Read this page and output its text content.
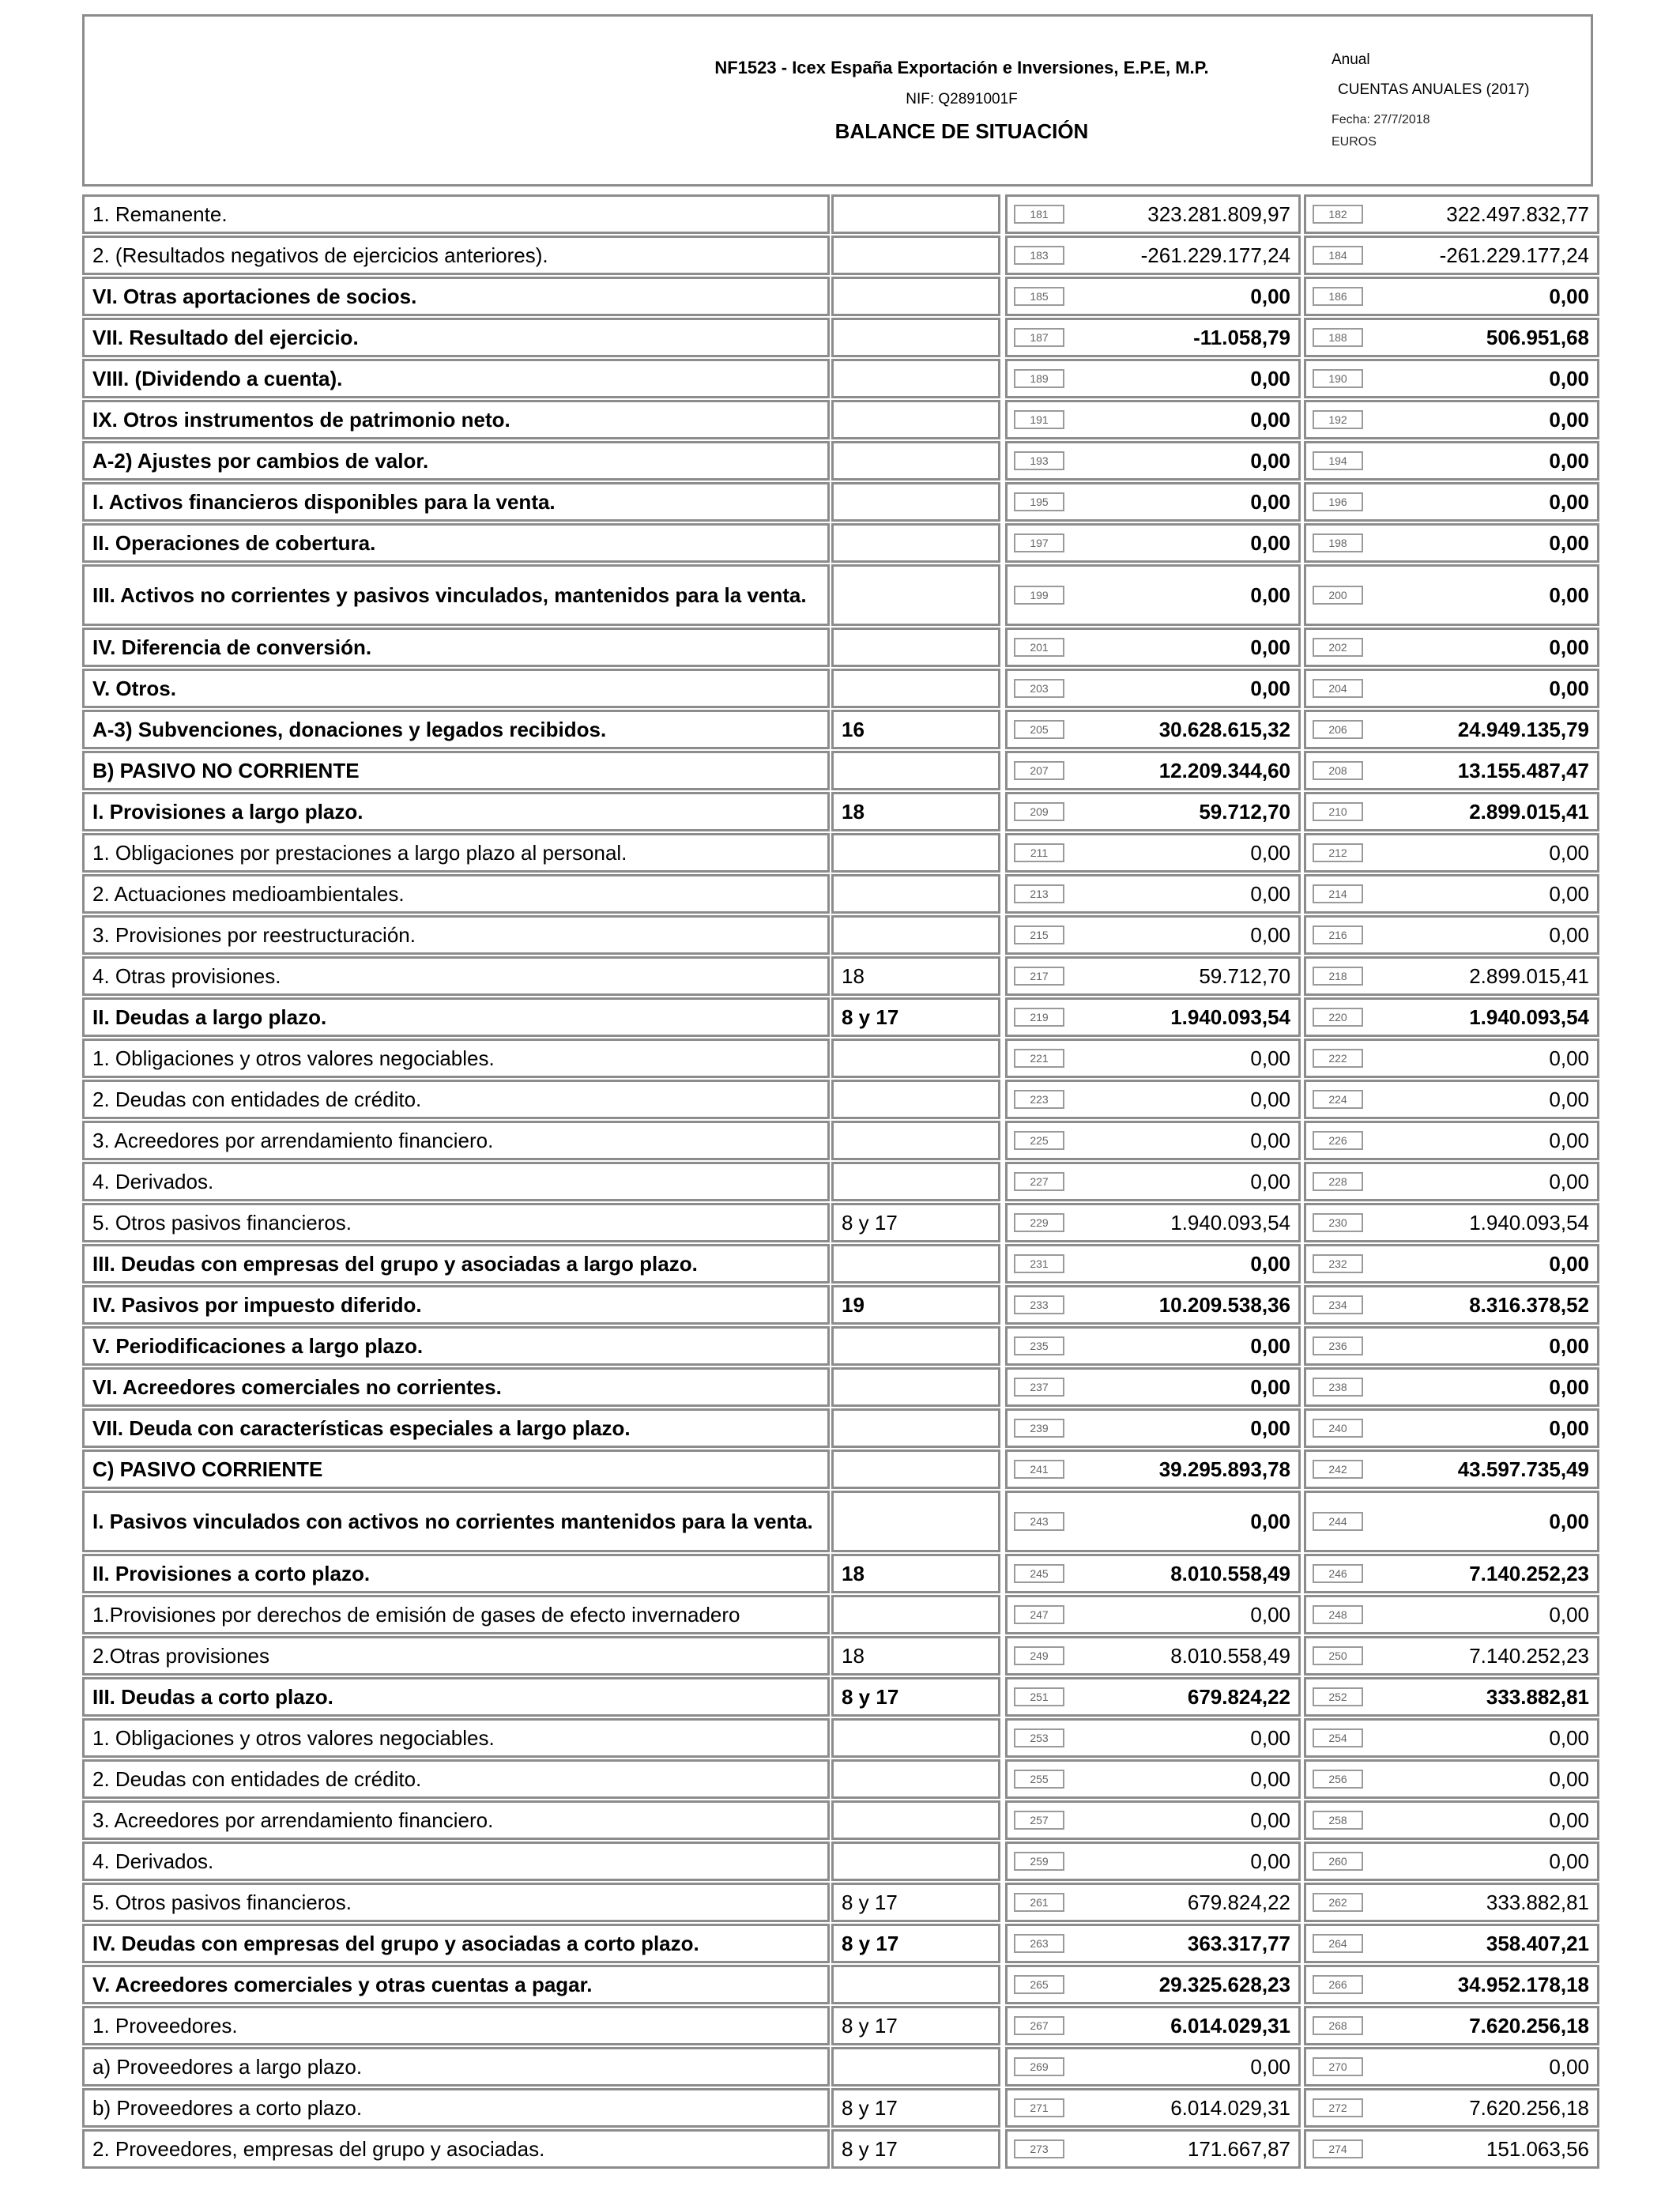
NF1523 - Icex España Exportación e Inversiones, E.P.E, M.P.
NIF: Q2891001F
BALANCE DE SITUACIÓN
Anual
CUENTAS ANUALES (2017)
Fecha: 27/7/2018
EUROS
1. Remanente.	181	323.281.809,97	182	322.497.832,77
2. (Resultados negativos de ejercicios anteriores).	183	-261.229.177,24	184	-261.229.177,24
VI. Otras aportaciones de socios.	185	0,00	186	0,00
VII. Resultado del ejercicio.	187	-11.058,79	188	506.951,68
VIII. (Dividendo a cuenta).	189	0,00	190	0,00
IX. Otros instrumentos de patrimonio neto.	191	0,00	192	0,00
A-2) Ajustes por cambios de valor.	193	0,00	194	0,00
I. Activos financieros disponibles para la venta.	195	0,00	196	0,00
II. Operaciones de cobertura.	197	0,00	198	0,00
III. Activos no corrientes y pasivos vinculados, mantenidos para la venta.	199	0,00	200	0,00
IV. Diferencia de conversión.	201	0,00	202	0,00
V. Otros.	203	0,00	204	0,00
A-3) Subvenciones, donaciones y legados recibidos.	16	205	30.628.615,32	206	24.949.135,79
B) PASIVO NO CORRIENTE	207	12.209.344,60	208	13.155.487,47
I. Provisiones a largo plazo.	18	209	59.712,70	210	2.899.015,41
1. Obligaciones por prestaciones a largo plazo al personal.	211	0,00	212	0,00
2. Actuaciones medioambientales.	213	0,00	214	0,00
3. Provisiones por reestructuración.	215	0,00	216	0,00
4. Otras provisiones.	18	217	59.712,70	218	2.899.015,41
II. Deudas a largo plazo.	8 y 17	219	1.940.093,54	220	1.940.093,54
1. Obligaciones y otros valores negociables.	221	0,00	222	0,00
2. Deudas con entidades de crédito.	223	0,00	224	0,00
3. Acreedores por arrendamiento financiero.	225	0,00	226	0,00
4. Derivados.	227	0,00	228	0,00
5. Otros pasivos financieros.	8 y 17	229	1.940.093,54	230	1.940.093,54
III. Deudas con empresas del grupo y asociadas a largo plazo.	231	0,00	232	0,00
IV. Pasivos por impuesto diferido.	19	233	10.209.538,36	234	8.316.378,52
V. Periodificaciones a largo plazo.	235	0,00	236	0,00
VI. Acreedores comerciales no corrientes.	237	0,00	238	0,00
VII. Deuda con características especiales a largo plazo.	239	0,00	240	0,00
C) PASIVO CORRIENTE	241	39.295.893,78	242	43.597.735,49
I. Pasivos vinculados con activos no corrientes mantenidos para la venta.	243	0,00	244	0,00
II. Provisiones a corto plazo.	18	245	8.010.558,49	246	7.140.252,23
1.Provisiones por derechos de emisión de gases de efecto invernadero	247	0,00	248	0,00
2.Otras provisiones	18	249	8.010.558,49	250	7.140.252,23
III. Deudas a corto plazo.	8 y 17	251	679.824,22	252	333.882,81
1. Obligaciones y otros valores negociables.	253	0,00	254	0,00
2. Deudas con entidades de crédito.	255	0,00	256	0,00
3. Acreedores por arrendamiento financiero.	257	0,00	258	0,00
4. Derivados.	259	0,00	260	0,00
5. Otros pasivos financieros.	8 y 17	261	679.824,22	262	333.882,81
IV. Deudas con empresas del grupo y asociadas a corto plazo.	8 y 17	263	363.317,77	264	358.407,21
V. Acreedores comerciales y otras cuentas a pagar.	265	29.325.628,23	266	34.952.178,18
1. Proveedores.	8 y 17	267	6.014.029,31	268	7.620.256,18
a) Proveedores a largo plazo.	269	0,00	270	0,00
b) Proveedores a corto plazo.	8 y 17	271	6.014.029,31	272	7.620.256,18
2. Proveedores, empresas del grupo y asociadas.	8 y 17	273	171.667,87	274	151.063,56
